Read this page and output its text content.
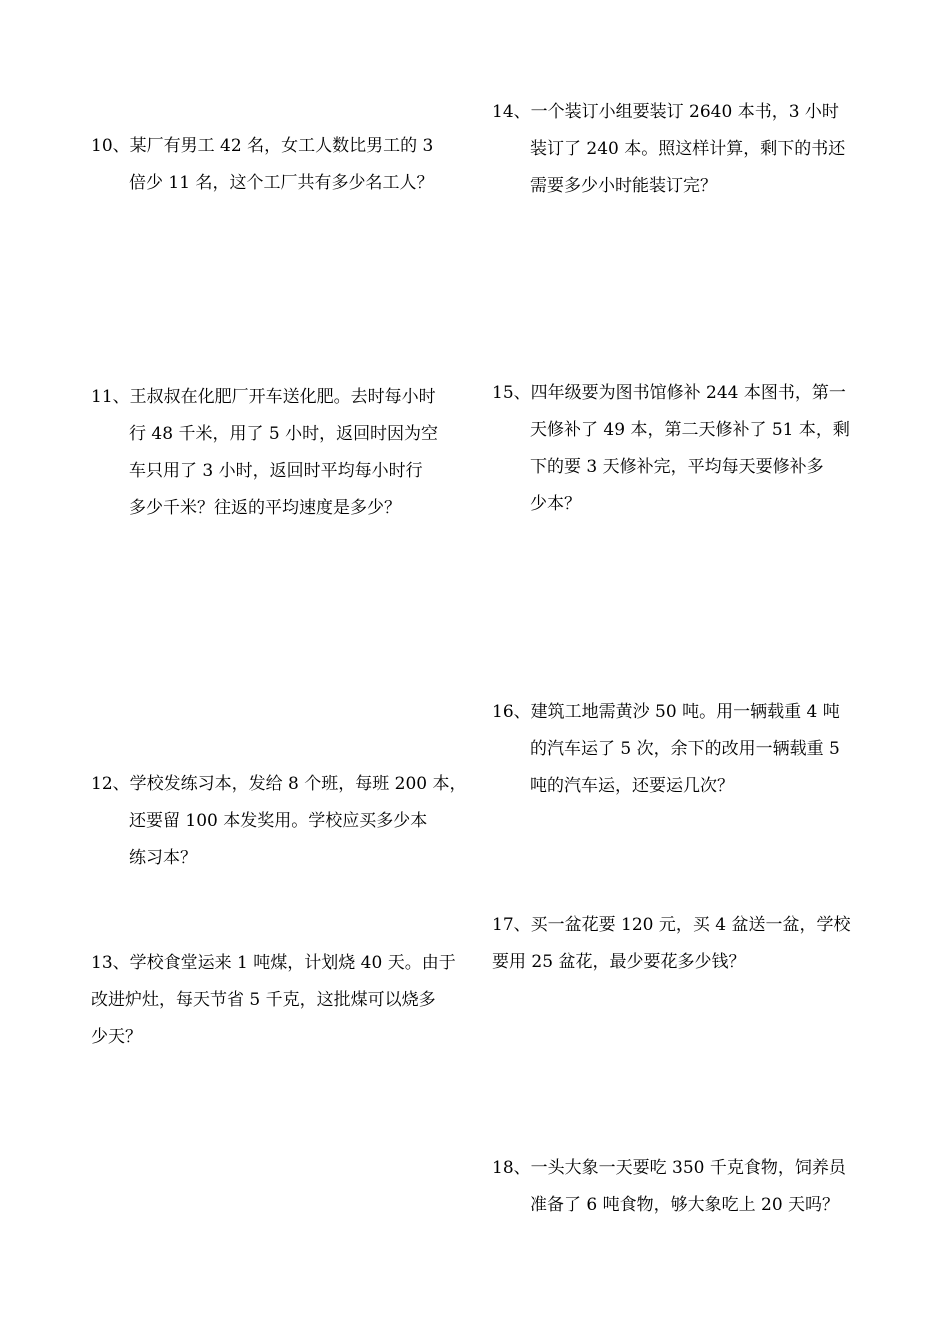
10、某厂有男工 42 名，女工人数比男工的 3

倍少 11 名，这个工厂共有多少名工人？

11、王叔叔在化肥厂开车送化肥。去时每小时

行 48 千米，用了 5 小时，返回时因为空

车只用了 3 小时，返回时平均每小时行

多少千米？往返的平均速度是多少？

12、学校发练习本，发给 8 个班，每班 200 本，

还要留 100 本发奖用。学校应买多少本

练习本？

13、学校食堂运来 1 吨煤，计划烧 40 天。由于

改进炉灶，每天节省 5 千克，这批煤可以烧多

少天？

14、一个装订小组要装订 2640 本书，3 小时

装订了 240 本。照这样计算，剩下的书还

需要多少小时能装订完？

15、四年级要为图书馆修补 244 本图书，第一

天修补了 49 本，第二天修补了 51 本，剩

下的要 3 天修补完，平均每天要修补多

少本？

16、建筑工地需黄沙 50 吨。用一辆载重 4 吨

的汽车运了 5 次，余下的改用一辆载重 5

吨的汽车运，还要运几次？

17、买一盆花要 120 元，买 4 盆送一盆，学校

要用 25 盆花，最少要花多少钱？

18、一头大象一天要吃 350 千克食物，饲养员

准备了 6 吨食物，够大象吃上 20 天吗？
